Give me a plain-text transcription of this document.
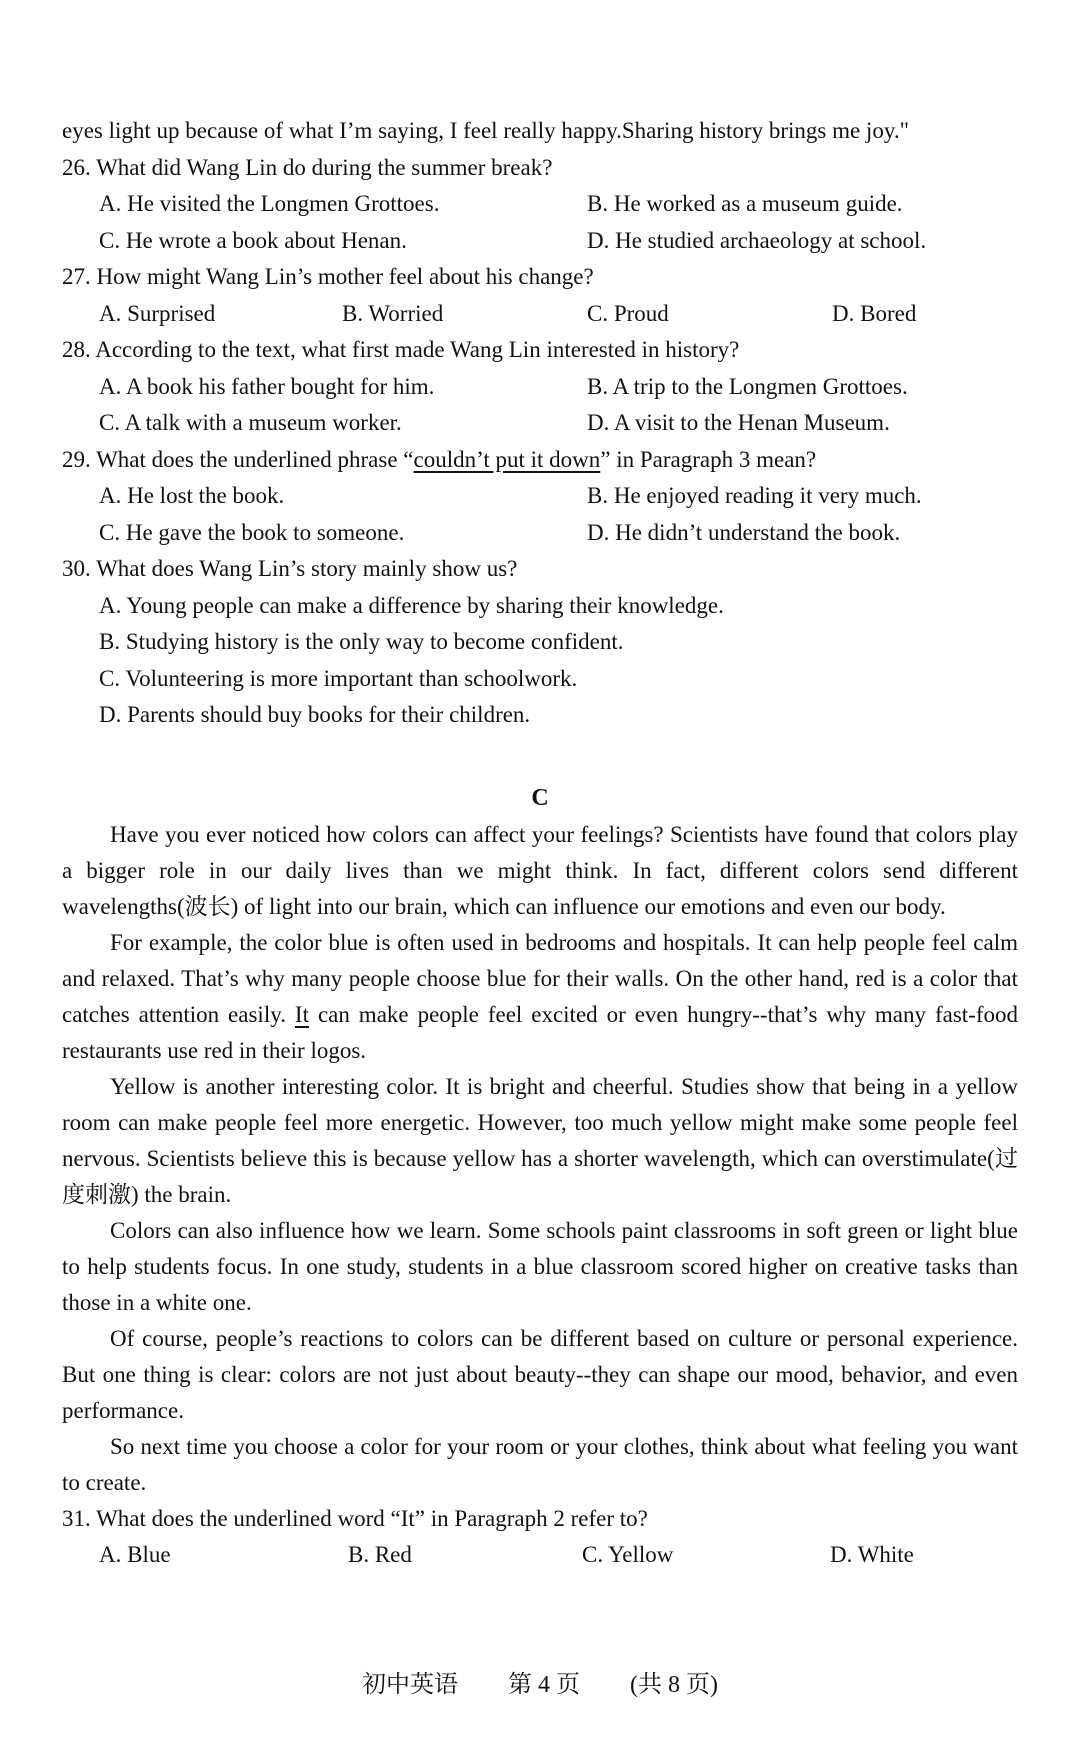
eyes light up because of what I’m saying, I feel really happy.Sharing history brings me joy."
26. What did Wang Lin do during the summer break?
A. He visited the Longmen Grottoes.	B. He worked as a museum guide.
C. He wrote a book about Henan.	D. He studied archaeology at school.
27. How might Wang Lin’s mother feel about his change?
A. Surprised	B. Worried	C. Proud	D. Bored
28. According to the text, what first made Wang Lin interested in history?
A. A book his father bought for him.	B. A trip to the Longmen Grottoes.
C. A talk with a museum worker.	D. A visit to the Henan Museum.
29. What does the underlined phrase “couldn’t put it down” in Paragraph 3 mean?
A. He lost the book.	B. He enjoyed reading it very much.
C. He gave the book to someone.	D. He didn’t understand the book.
30. What does Wang Lin’s story mainly show us?
A. Young people can make a difference by sharing their knowledge.
B. Studying history is the only way to become confident.
C. Volunteering is more important than schoolwork.
D. Parents should buy books for their children.
C

Have you ever noticed how colors can affect your feelings? Scientists have found that colors play a bigger role in our daily lives than we might think. In fact, different colors send different wavelengths(波长) of light into our brain, which can influence our emotions and even our body.

For example, the color blue is often used in bedrooms and hospitals. It can help people feel calm and relaxed. That’s why many people choose blue for their walls. On the other hand, red is a color that catches attention easily. It can make people feel excited or even hungry--that’s why many fast-food restaurants use red in their logos.

Yellow is another interesting color. It is bright and cheerful. Studies show that being in a yellow room can make people feel more energetic. However, too much yellow might make some people feel nervous. Scientists believe this is because yellow has a shorter wavelength, which can overstimulate(过度刺激) the brain.

Colors can also influence how we learn. Some schools paint classrooms in soft green or light blue to help students focus. In one study, students in a blue classroom scored higher on creative tasks than those in a white one.

Of course, people’s reactions to colors can be different based on culture or personal experience. But one thing is clear: colors are not just about beauty--they can shape our mood, behavior, and even performance.

So next time you choose a color for your room or your clothes, think about what feeling you want to create.

31. What does the underlined word “It” in Paragraph 2 refer to?
A. Blue	B. Red	C. Yellow	D. White
初中英语 第 4 页 (共 8 页)
